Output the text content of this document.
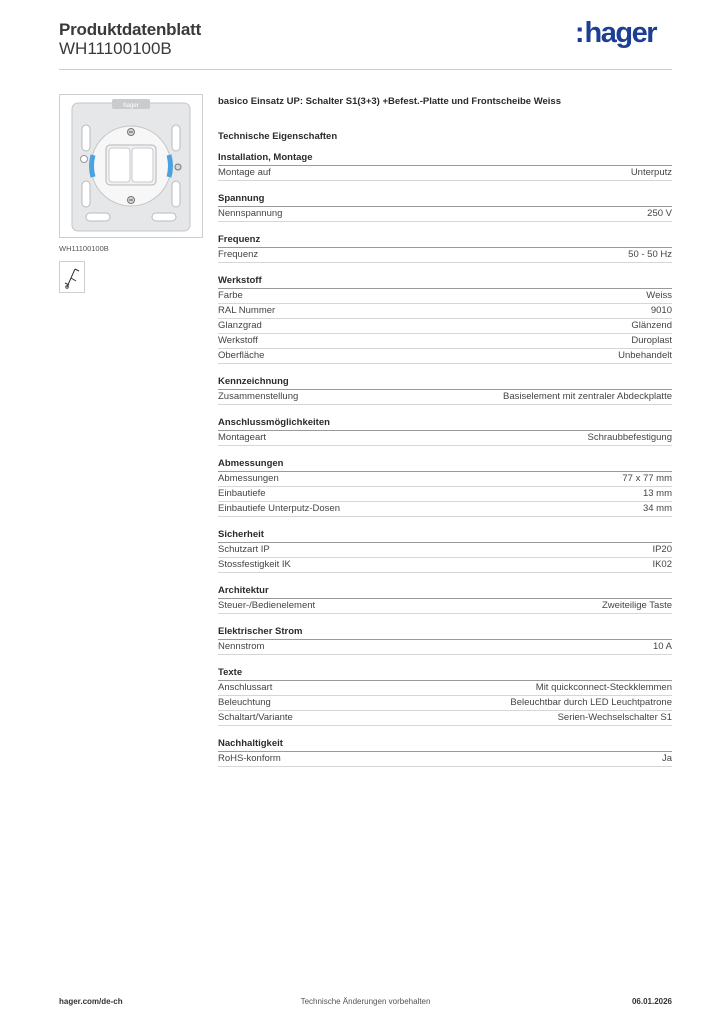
Produktdatenblatt
WH11100100B	:hager
hager
WH11100100B
basico Einsatz UP: Schalter S1(3+3) +Befest.-Platte und Frontscheibe Weiss
Technische Eigenschaften
Installation, Montage
Montage auf	Unterputz
Spannung
Nennspannung	250 V
Frequenz
Frequenz	50 - 50 Hz
Werkstoff
Farbe	Weiss
RAL Nummer	9010
Glanzgrad	Glänzend
Werkstoff	Duroplast
Oberfläche	Unbehandelt
Kennzeichnung
Zusammenstellung	Basiselement mit zentraler Abdeckplatte
Anschlussmöglichkeiten
Montageart	Schraubbefestigung
Abmessungen
Abmessungen	77 x 77 mm
Einbautiefe	13 mm
Einbautiefe Unterputz-Dosen	34 mm
Sicherheit
Schutzart IP	IP20
Stossfestigkeit IK	IK02
Architektur
Steuer-/Bedienelement	Zweiteilige Taste
Elektrischer Strom
Nennstrom	10 A
Texte
Anschlussart	Mit quickconnect-Steckklemmen
Beleuchtung	Beleuchtbar durch LED Leuchtpatrone
Schaltart/Variante	Serien-Wechselschalter S1
Nachhaltigkeit
RoHS-konform	Ja
hager.com/de-ch	Technische Änderungen vorbehalten	06.01.2026
